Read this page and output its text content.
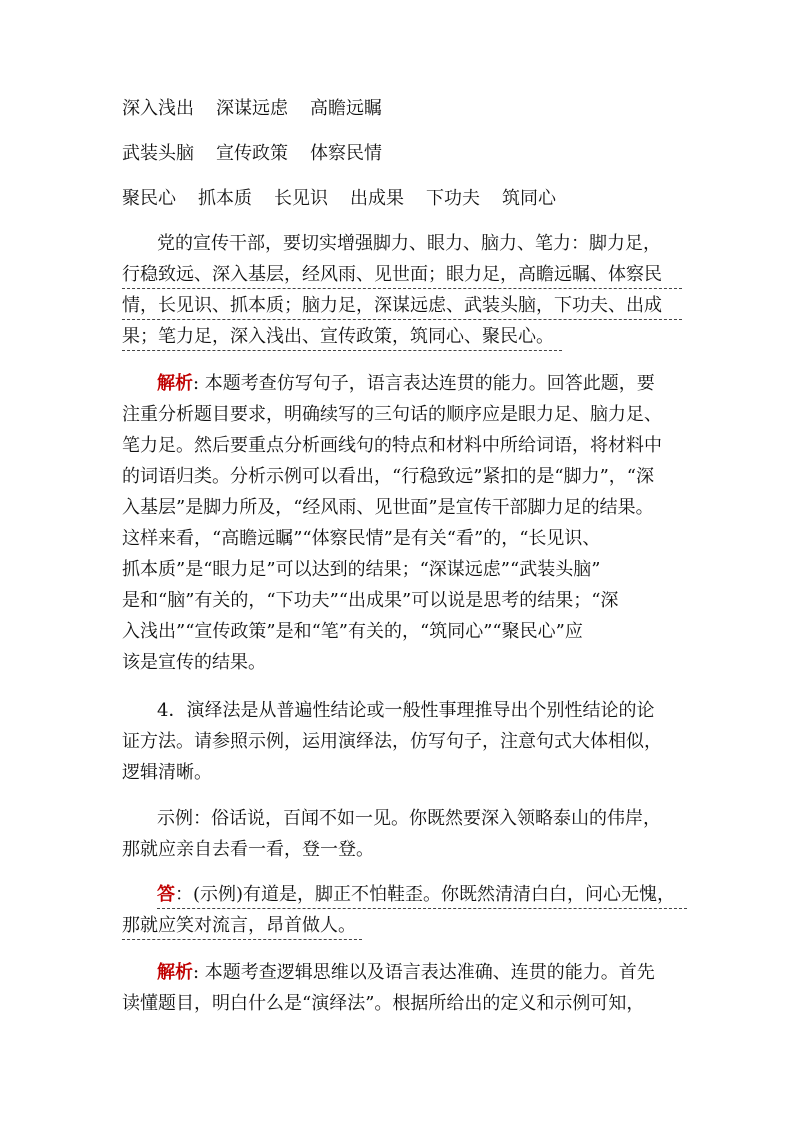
深入浅出 深谋远虑 高瞻远瞩
武装头脑 宣传政策 体察民情
聚民心 抓本质 长见识 出成果 下功夫 筑同心
党的宣传干部，要切实增强脚力、眼力、脑力、笔力：脚力足，
行稳致远、深入基层，经风雨、见世面；眼力足，高瞻远瞩、体察民
情，长见识、抓本质；脑力足，深谋远虑、武装头脑，下功夫、出成
果；笔力足，深入浅出、宣传政策，筑同心、聚民心。
解析: 本题考查仿写句子，语言表达连贯的能力。回答此题，要
注重分析题目要求，明确续写的三句话的顺序应是眼力足、脑力足、
笔力足。然后要重点分析画线句的特点和材料中所给词语，将材料中
的词语归类。分析示例可以看出，“行稳致远”紧扣的是“脚力”，“深
入基层”是脚力所及，“经风雨、见世面”是宣传干部脚力足的结果。
这样来看，“高瞻远瞩”“体察民情”是有关“看”的，“长见识、
抓本质”是“眼力足”可以达到的结果；“深谋远虑”“武装头脑”
是和“脑”有关的，“下功夫”“出成果”可以说是思考的结果；“深
入浅出”“宣传政策”是和“笔”有关的，“筑同心”“聚民心”应
该是宣传的结果。
4．演绎法是从普遍性结论或一般性事理推导出个别性结论的论
证方法。请参照示例，运用演绎法，仿写句子，注意句式大体相似，
逻辑清晰。
示例：俗话说，百闻不如一见。你既然要深入领略泰山的伟岸，
那就应亲自去看一看，登一登。
答：(示例)有道是，脚正不怕鞋歪。你既然清清白白，问心无愧，
那就应笑对流言，昂首做人。
解析: 本题考查逻辑思维以及语言表达准确、连贯的能力。首先
读懂题目，明白什么是“演绎法”。根据所给出的定义和示例可知，
